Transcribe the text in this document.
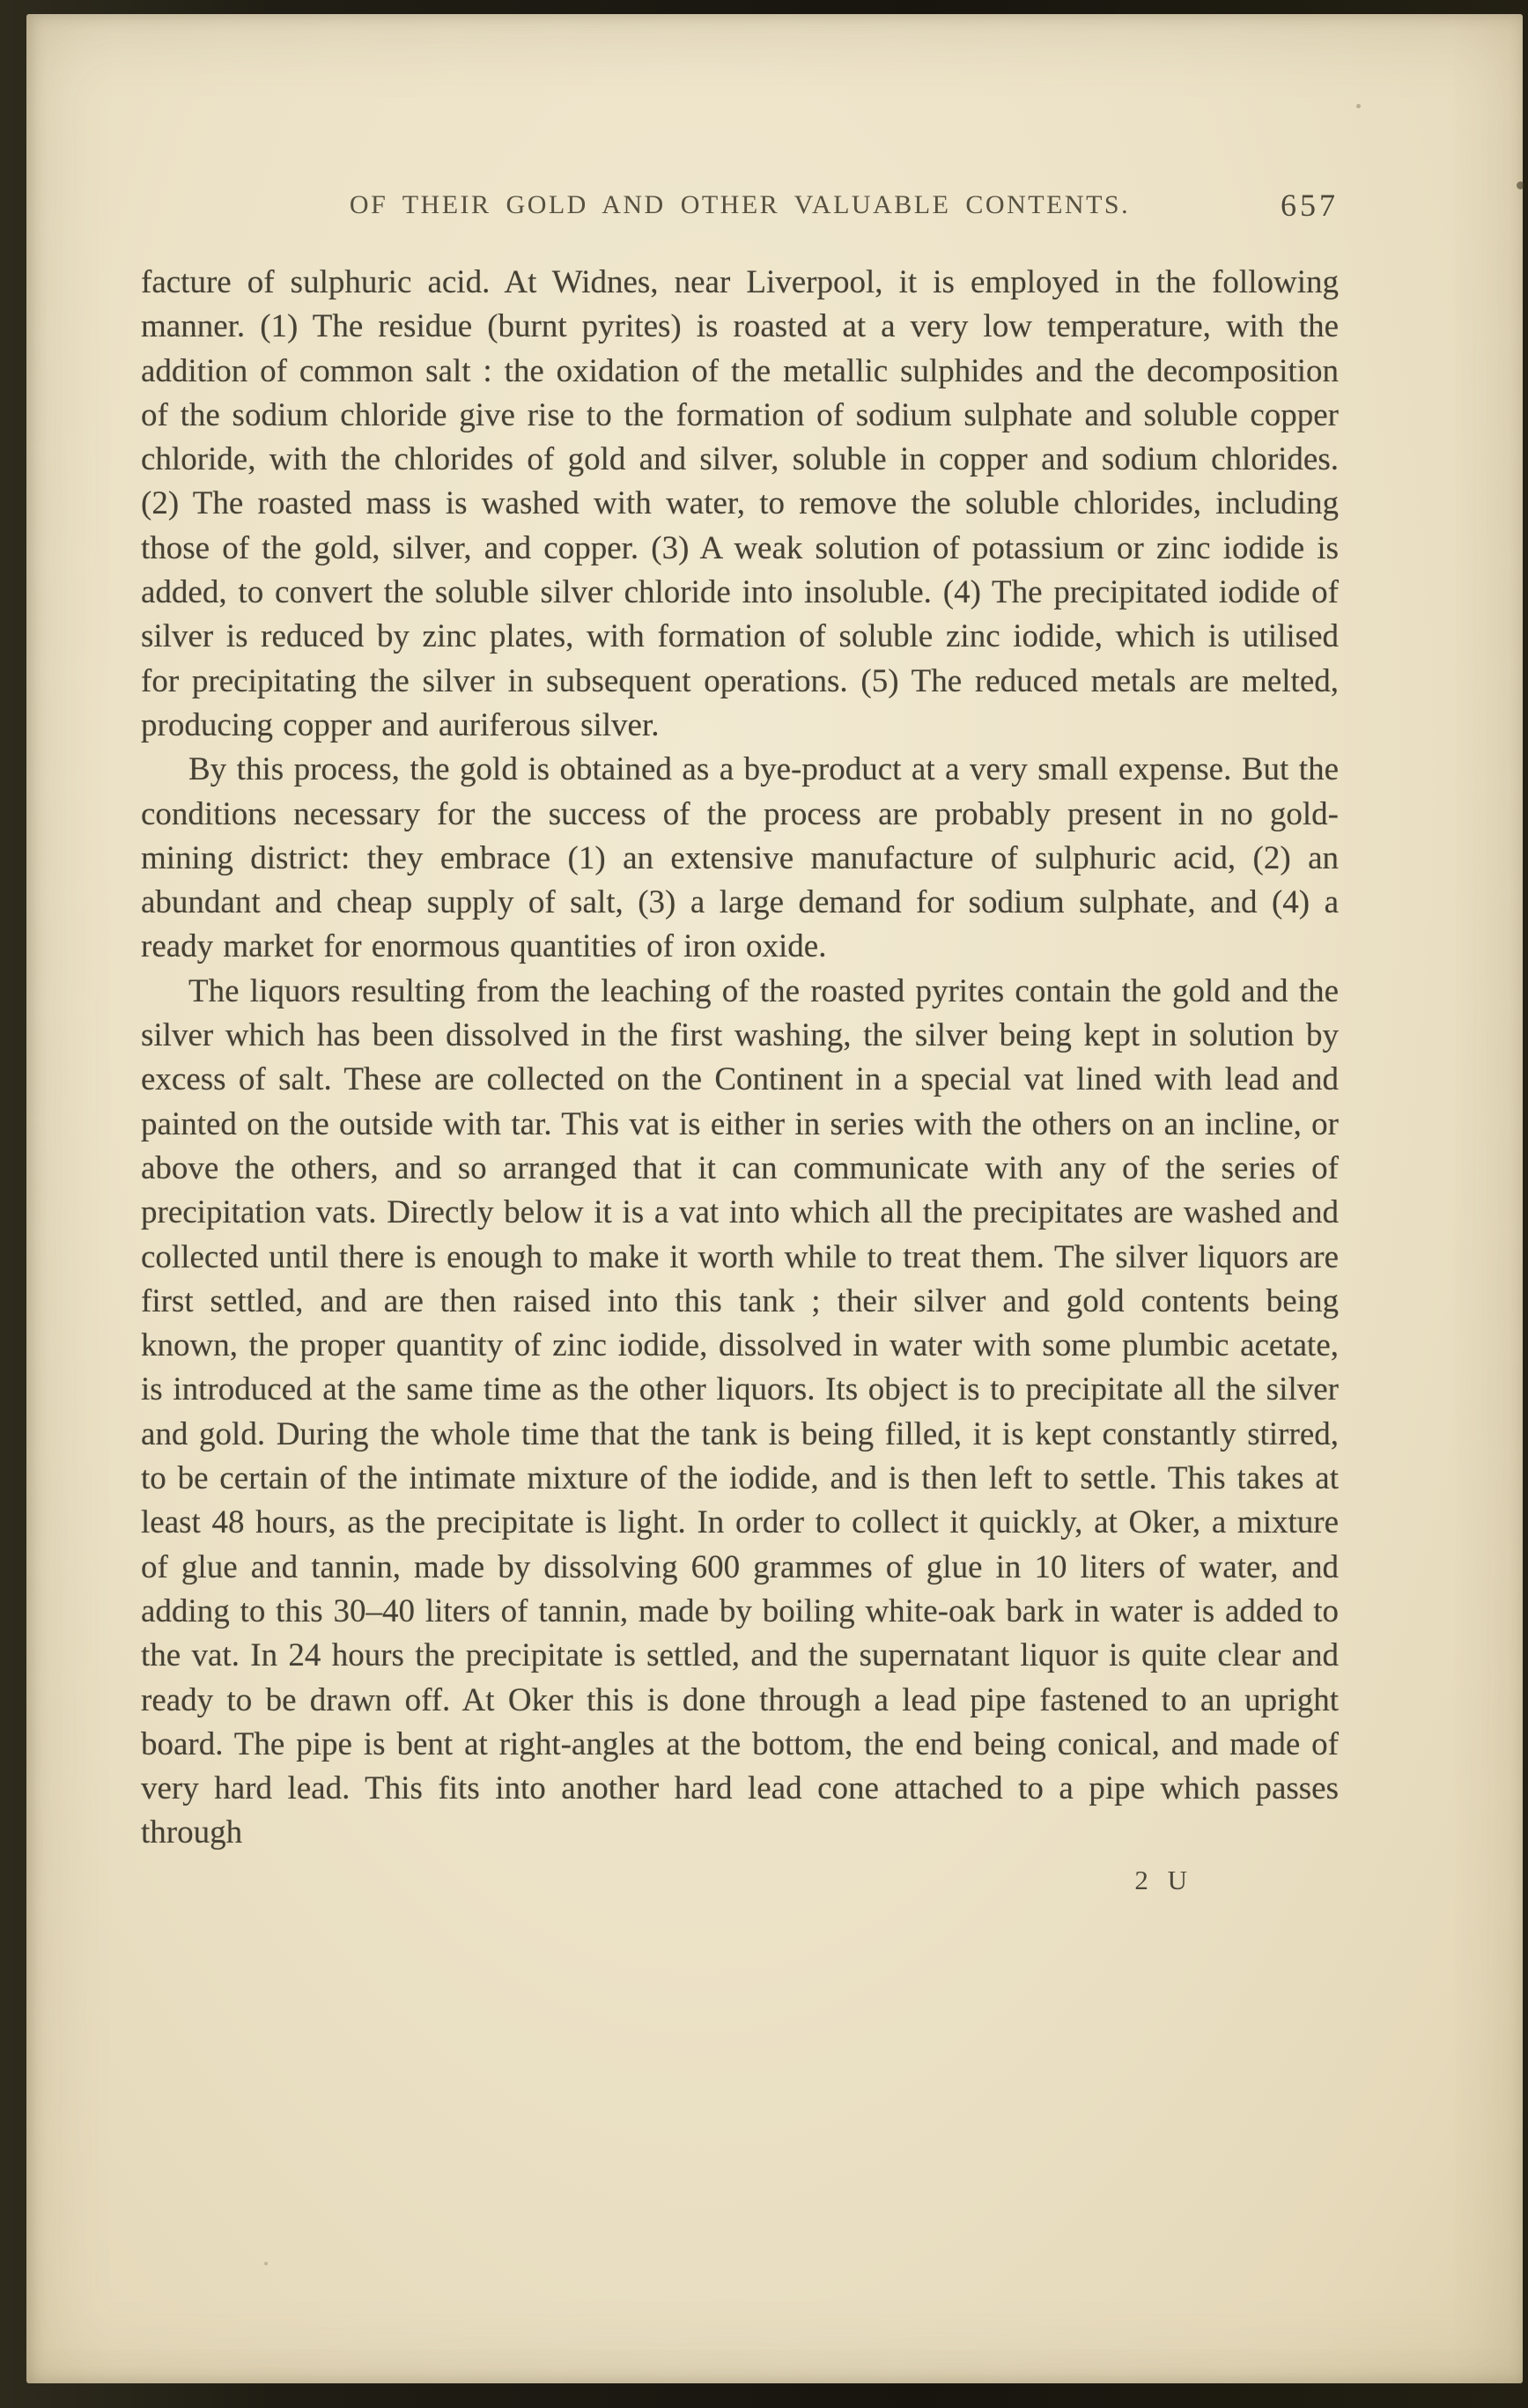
OF THEIR GOLD AND OTHER VALUABLE CONTENTS.	657

facture of sulphuric acid. At Widnes, near Liverpool, it is employed in the following manner. (1) The residue (burnt pyrites) is roasted at a very low temperature, with the addition of common salt : the oxidation of the metallic sulphides and the decomposition of the sodium chloride give rise to the formation of sodium sulphate and soluble copper chloride, with the chlorides of gold and silver, soluble in copper and sodium chlorides. (2) The roasted mass is washed with water, to remove the soluble chlorides, including those of the gold, silver, and copper. (3) A weak solution of potassium or zinc iodide is added, to convert the soluble silver chloride into insoluble. (4) The precipitated iodide of silver is reduced by zinc plates, with formation of soluble zinc iodide, which is utilised for precipitating the silver in subsequent operations. (5) The reduced metals are melted, producing copper and auriferous silver.

By this process, the gold is obtained as a bye-product at a very small expense. But the conditions necessary for the success of the process are probably present in no gold-mining district: they embrace (1) an extensive manufacture of sulphuric acid, (2) an abundant and cheap supply of salt, (3) a large demand for sodium sulphate, and (4) a ready market for enormous quantities of iron oxide.

The liquors resulting from the leaching of the roasted pyrites contain the gold and the silver which has been dissolved in the first washing, the silver being kept in solution by excess of salt. These are collected on the Continent in a special vat lined with lead and painted on the outside with tar. This vat is either in series with the others on an incline, or above the others, and so arranged that it can communicate with any of the series of precipitation vats. Directly below it is a vat into which all the precipitates are washed and collected until there is enough to make it worth while to treat them. The silver liquors are first settled, and are then raised into this tank ; their silver and gold contents being known, the proper quantity of zinc iodide, dissolved in water with some plumbic acetate, is introduced at the same time as the other liquors. Its object is to precipitate all the silver and gold. During the whole time that the tank is being filled, it is kept constantly stirred, to be certain of the intimate mixture of the iodide, and is then left to settle. This takes at least 48 hours, as the precipitate is light. In order to collect it quickly, at Oker, a mixture of glue and tannin, made by dissolving 600 grammes of glue in 10 liters of water, and adding to this 30–40 liters of tannin, made by boiling white-oak bark in water is added to the vat. In 24 hours the precipitate is settled, and the supernatant liquor is quite clear and ready to be drawn off. At Oker this is done through a lead pipe fastened to an upright board. The pipe is bent at right-angles at the bottom, the end being conical, and made of very hard lead. This fits into another hard lead cone attached to a pipe which passes through

2 U
